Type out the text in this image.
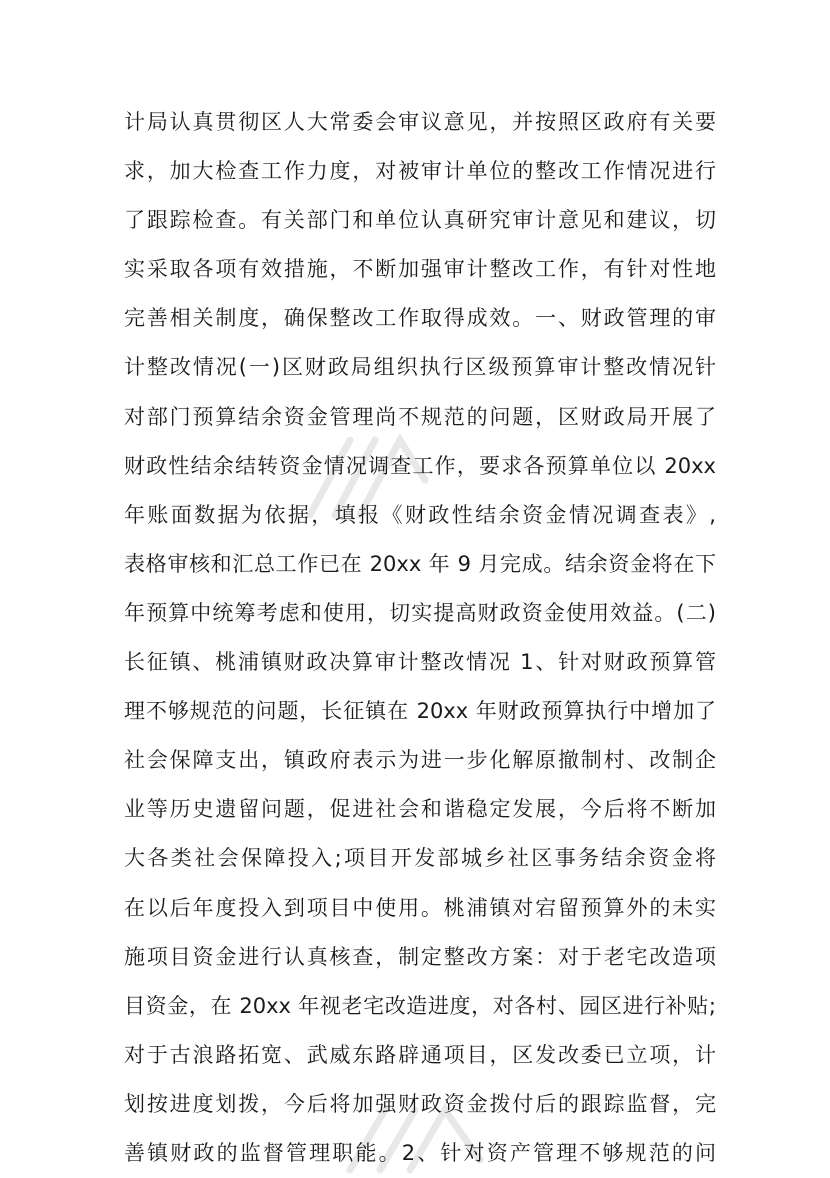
计局认真贯彻区人大常委会审议意见，并按照区政府有关要
求，加大检查工作力度，对被审计单位的整改工作情况进行
了跟踪检查。有关部门和单位认真研究审计意见和建议，切
实采取各项有效措施，不断加强审计整改工作，有针对性地
完善相关制度，确保整改工作取得成效。一、财政管理的审
计整改情况(一)区财政局组织执行区级预算审计整改情况针
对部门预算结余资金管理尚不规范的问题，区财政局开展了
财政性结余结转资金情况调查工作，要求各预算单位以 20xx
年账面数据为依据，填报《财政性结余资金情况调查表》,
表格审核和汇总工作已在 20xx 年 9 月完成。结余资金将在下
年预算中统筹考虑和使用，切实提高财政资金使用效益。(二)
长征镇、桃浦镇财政决算审计整改情况 1、针对财政预算管
理不够规范的问题，长征镇在 20xx 年财政预算执行中增加了
社会保障支出，镇政府表示为进一步化解原撤制村、改制企
业等历史遗留问题，促进社会和谐稳定发展，今后将不断加
大各类社会保障投入;项目开发部城乡社区事务结余资金将
在以后年度投入到项目中使用。桃浦镇对宕留预算外的未实
施项目资金进行认真核查，制定整改方案：对于老宅改造项
目资金，在 20xx 年视老宅改造进度，对各村、园区进行补贴;
对于古浪路拓宽、武威东路辟通项目，区发改委已立项，计
划按进度划拨，今后将加强财政资金拨付后的跟踪监督，完
善镇财政的监督管理职能。2、针对资产管理不够规范的问
